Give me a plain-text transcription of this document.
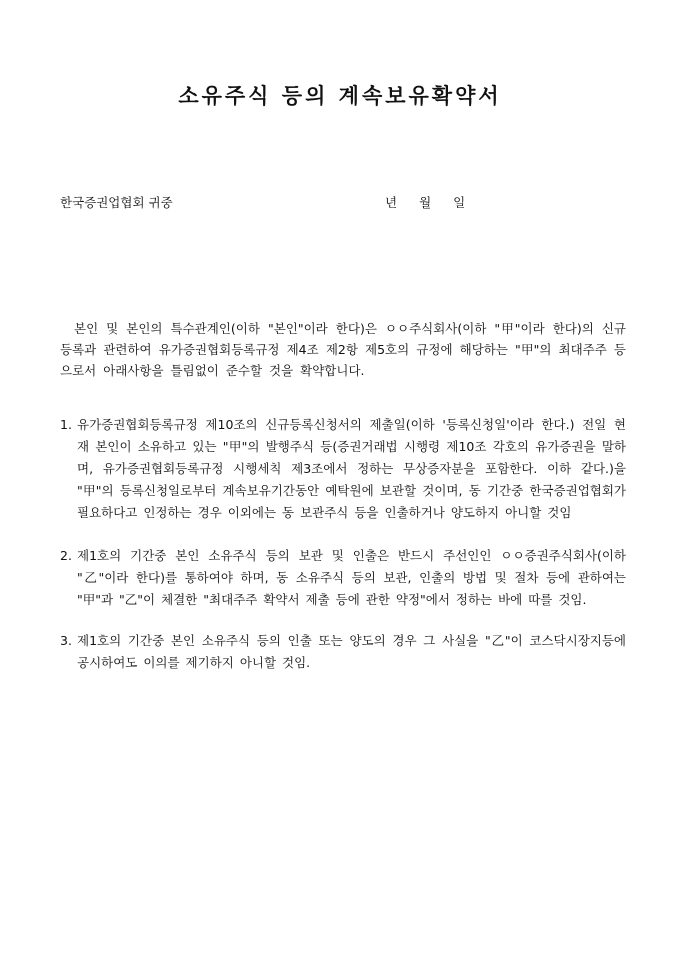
소유주식 등의 계속보유확약서
한국증권업협회 귀중	년 월 일
본인 및 본인의 특수관계인(이하 "본인"이라 한다)은 ㅇㅇ주식회사(이하 "甲"이라 한다)의 신규등록과 관련하여 유가증권협회등록규정 제4조 제2항 제5호의 규정에 해당하는 "甲"의 최대주주 등으로서 아래사항을 틀림없이 준수할 것을 확약합니다.
1. 유가증권협회등록규정 제10조의 신규등록신청서의 제출일(이하 '등록신청일'이라 한다.) 전일 현재 본인이 소유하고 있는 "甲"의 발행주식 등(증권거래법 시행령 제10조 각호의 유가증권을 말하며, 유가증권협회등록규정 시행세칙 제3조에서 정하는 무상증자분을 포함한다. 이하 같다.)을 "甲"의 등록신청일로부터 계속보유기간동안 예탁원에 보관할 것이며, 동 기간중 한국증권업협회가 필요하다고 인정하는 경우 이외에는 동 보관주식 등을 인출하거나 양도하지 아니할 것임
2. 제1호의 기간중 본인 소유주식 등의 보관 및 인출은 반드시 주선인인 ㅇㅇ증권주식회사(이하 "乙"이라 한다)를 통하여야 하며, 동 소유주식 등의 보관, 인출의 방법 및 절차 등에 관하여는 "甲"과 "乙"이 체결한 "최대주주 확약서 제출 등에 관한 약정"에서 정하는 바에 따를 것임.
3. 제1호의 기간중 본인 소유주식 등의 인출 또는 양도의 경우 그 사실을 "乙"이 코스닥시장지등에 공시하여도 이의를 제기하지 아니할 것임.
